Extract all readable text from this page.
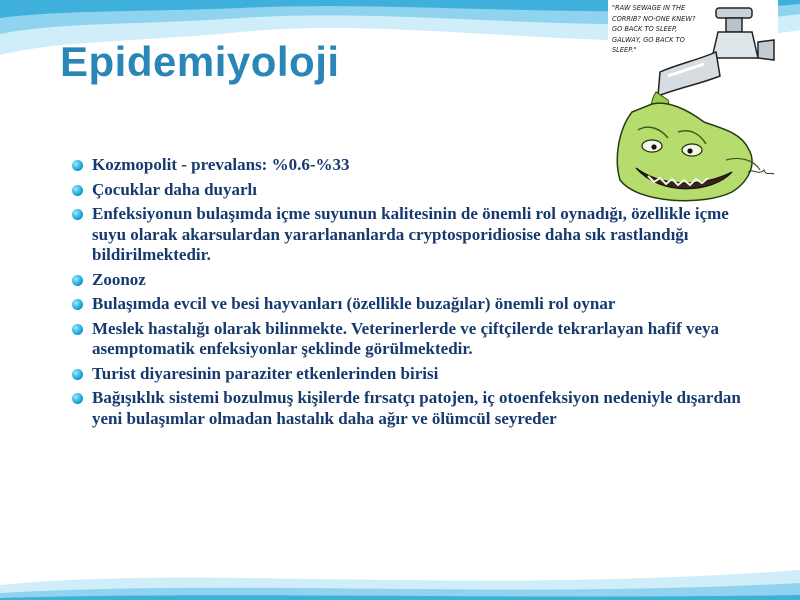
Epidemiyoloji
"RAW SEWAGE IN THE CORRIB? NO-ONE KNEW? GO BACK TO SLEEP, GALWAY, GO BACK TO SLEEP."
Kozmopolit - prevalans: %0.6-%33
Çocuklar daha duyarlı
Enfeksiyonun bulaşımda içme suyunun kalitesinin de önemli rol oynadığı, özellikle içme suyu olarak akarsulardan yararlananlarda cryptosporidiosise daha sık rastlandığı bildirilmektedir.
Zoonoz
Bulaşımda evcil ve besi hayvanları (özellikle buzağılar) önemli rol oynar
Meslek hastalığı olarak bilinmekte. Veterinerlerde ve çiftçilerde tekrarlayan hafif veya asemptomatik enfeksiyonlar şeklinde görülmektedir.
Turist diyaresinin paraziter etkenlerinden birisi
Bağışıklık sistemi bozulmuş kişilerde fırsatçı patojen, iç otoenfeksiyon nedeniyle dışardan yeni bulaşımlar olmadan hastalık daha ağır ve ölümcül seyreder
